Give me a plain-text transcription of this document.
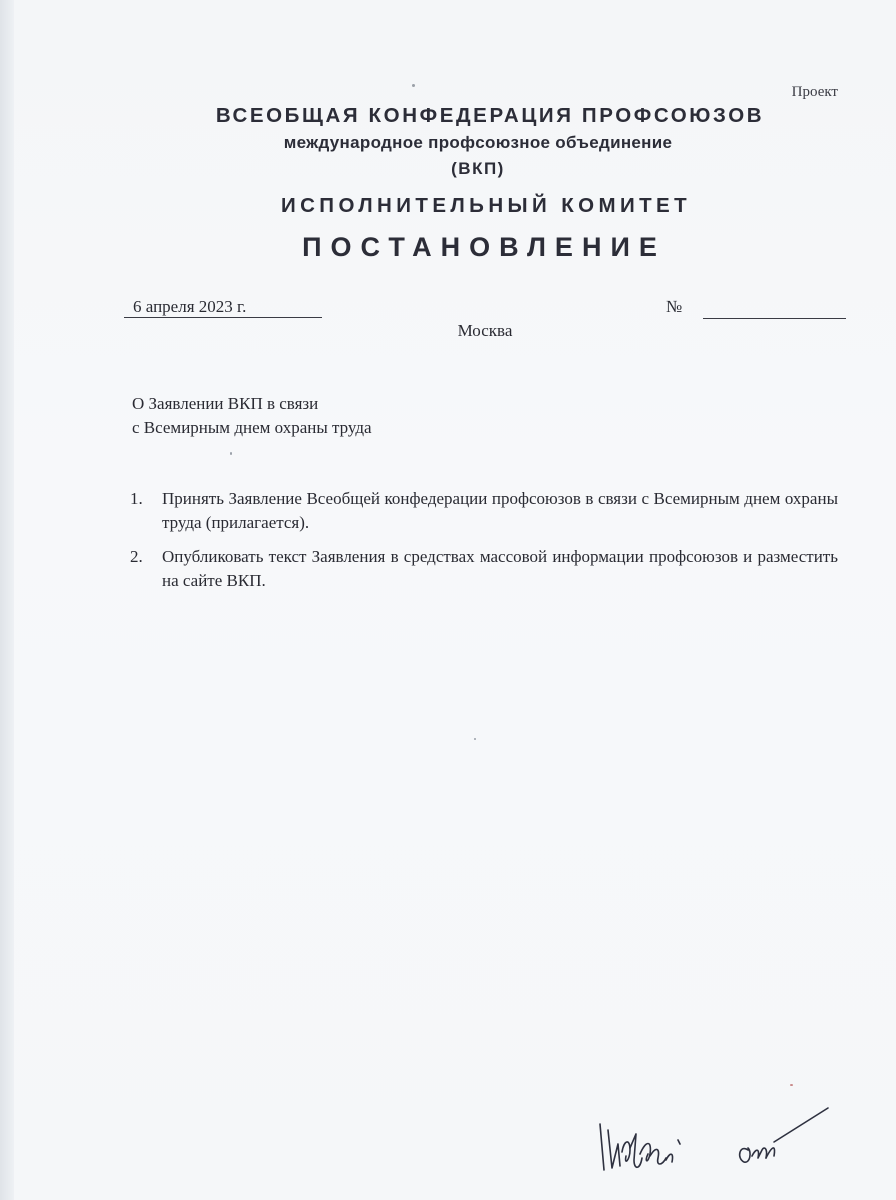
Проект
ВСЕОБЩАЯ КОНФЕДЕРАЦИЯ ПРОФСОЮЗОВ
международное профсоюзное объединение
(ВКП)
ИСПОЛНИТЕЛЬНЫЙ КОМИТЕТ
ПОСТАНОВЛЕНИЕ
6 апреля 2023 г.	№
Москва
О Заявлении ВКП в связи
с Всемирным днем охраны труда
1.	Принять Заявление Всеобщей конфедерации профсоюзов в связи с Всемирным днем охраны труда (прилагается).
2.	Опубликовать текст Заявления в средствах массовой информации профсоюзов и разместить на сайте ВКП.
